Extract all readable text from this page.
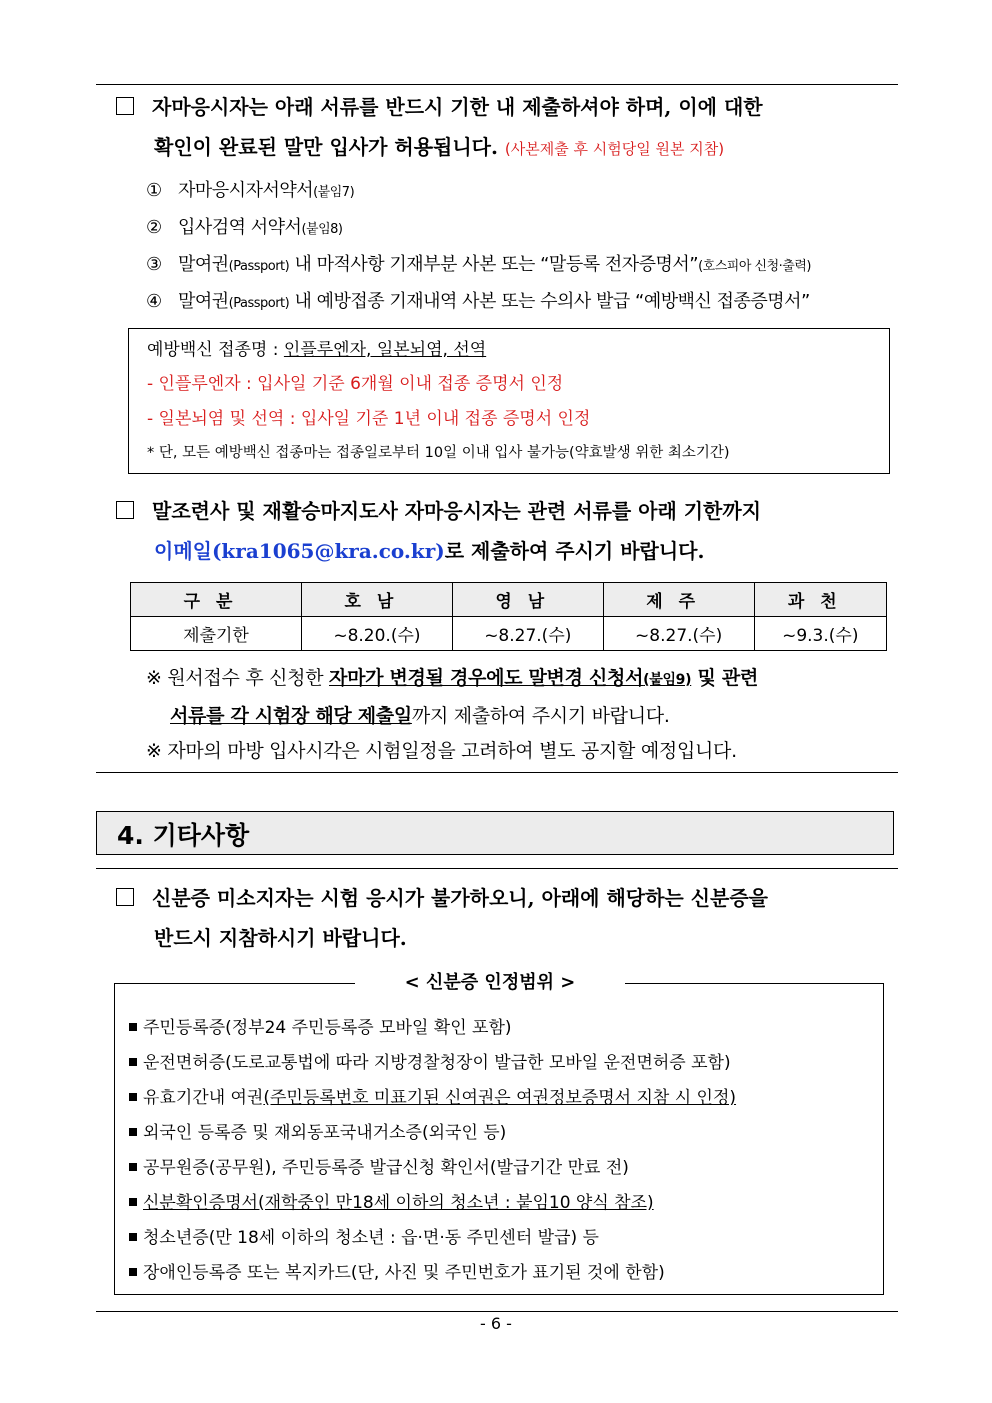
자마응시자는 아래 서류를 반드시 기한 내 제출하셔야 하며, 이에 대한
확인이 완료된 말만 입사가 허용됩니다. (사본제출 후 시험당일 원본 지참)
① 자마응시자서약서(붙임7)
② 입사검역 서약서(붙임8)
③ 말여권(Passport) 내 마적사항 기재부분 사본 또는 “말등록 전자증명서”(호스피아 신청·출력)
④ 말여권(Passport) 내 예방접종 기재내역 사본 또는 수의사 발급 “예방백신 접종증명서”
예방백신 접종명 : 인플루엔자, 일본뇌염, 선역
- 인플루엔자 : 입사일 기준 6개월 이내 접종 증명서 인정
- 일본뇌염 및 선역 : 입사일 기준 1년 이내 접종 증명서 인정
* 단, 모든 예방백신 접종마는 접종일로부터 10일 이내 입사 불가능(약효발생 위한 최소기간)
말조련사 및 재활승마지도사 자마응시자는 관련 서류를 아래 기한까지
이메일(kra1065@kra.co.kr)로 제출하여 주시기 바랍니다.
구분	호남	영남	제주	과천
제출기한	~8.20.(수)	~8.27.(수)	~8.27.(수)	~9.3.(수)
※ 원서접수 후 신청한 자마가 변경될 경우에도 말변경 신청서(붙임9) 및 관련
서류를 각 시험장 해당 제출일까지 제출하여 주시기 바랍니다.
※ 자마의 마방 입사시각은 시험일정을 고려하여 별도 공지할 예정입니다.
4. 기타사항
신분증 미소지자는 시험 응시가 불가하오니, 아래에 해당하는 신분증을
반드시 지참하시기 바랍니다.
< 신분증 인정범위 >
주민등록증(정부24 주민등록증 모바일 확인 포함)
운전면허증(도로교통법에 따라 지방경찰청장이 발급한 모바일 운전면허증 포함)
유효기간내 여권(주민등록번호 미표기된 신여권은 여권정보증명서 지참 시 인정)
외국인 등록증 및 재외동포국내거소증(외국인 등)
공무원증(공무원), 주민등록증 발급신청 확인서(발급기간 만료 전)
신분확인증명서(재학중인 만18세 이하의 청소년 : 붙임10 양식 참조)
청소년증(만 18세 이하의 청소년 : 읍·면·동 주민센터 발급) 등
장애인등록증 또는 복지카드(단, 사진 및 주민번호가 표기된 것에 한함)
- 6 -
